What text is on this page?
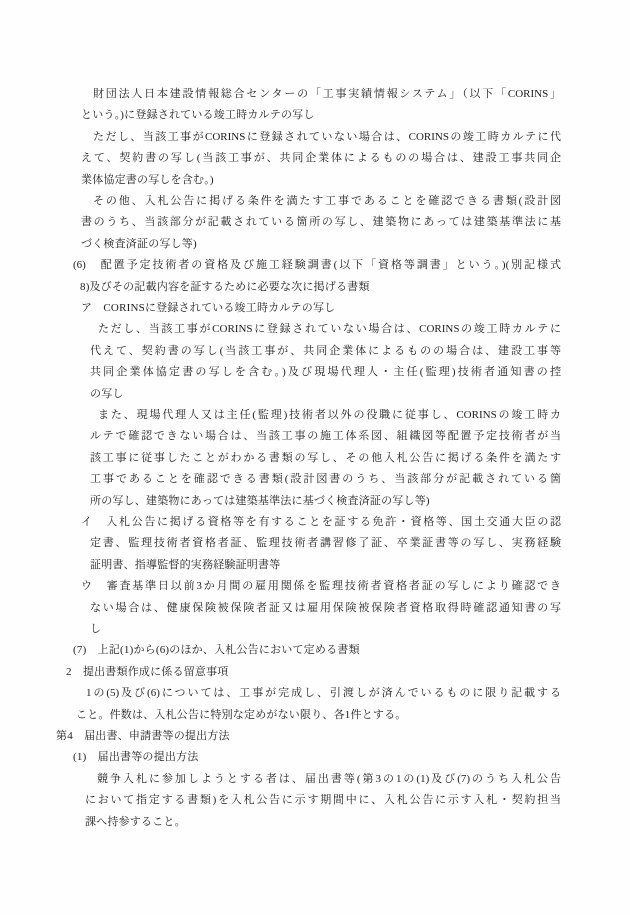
財団法人日本建設情報総合センターの「工事実績情報システム」（以下「CORINS」
という。)に登録されている竣工時カルテの写し
ただし、当該工事がCORINSに登録されていない場合は、CORINSの竣工時カルテに代
えて、契約書の写し(当該工事が、共同企業体によるものの場合は、建設工事共同企
業体協定書の写しを含む。)
その他、入札公告に掲げる条件を満たす工事であることを確認できる書類(設計図
書のうち、当該部分が記載されている箇所の写し、建築物にあっては建築基準法に基
づく検査済証の写し等)
(6)　配置予定技術者の資格及び施工経験調書(以下「資格等調書」という。)(別記様式
8)及びその記載内容を証するために必要な次に掲げる書類
ア　CORINSに登録されている竣工時カルテの写し
ただし、当該工事がCORINSに登録されていない場合は、CORINSの竣工時カルテに
代えて、契約書の写し(当該工事が、共同企業体によるものの場合は、建設工事等
共同企業体協定書の写しを含む。)及び現場代理人・主任(監理)技術者通知書の控
の写し
また、現場代理人又は主任(監理)技術者以外の役職に従事し、CORINSの竣工時カ
ルテで確認できない場合は、当該工事の施工体系図、組織図等配置予定技術者が当
該工事に従事したことがわかる書類の写し、その他入札公告に掲げる条件を満たす
工事であることを確認できる書類(設計図書のうち、当該部分が記載されている箇
所の写し、建築物にあっては建築基準法に基づく検査済証の写し等)
イ　入札公告に掲げる資格等を有することを証する免許・資格等、国土交通大臣の認
定書、監理技術者資格者証、監理技術者講習修了証、卒業証書等の写し、実務経験
証明書、指導監督的実務経験証明書等
ウ　審査基準日以前3か月間の雇用関係を監理技術者資格者証の写しにより確認でき
ない場合は、健康保険被保険者証又は雇用保険被保険者資格取得時確認通知書の写
し
(7)　上記(1)から(6)のほか、入札公告において定める書類
2　提出書類作成に係る留意事項
1の(5)及び(6)については、工事が完成し、引渡しが済んでいるものに限り記載する
こと。件数は、入札公告に特別な定めがない限り、各1件とする。
第4　届出書、申請書等の提出方法
(1)　届出書等の提出方法
競争入札に参加しようとする者は、届出書等(第3の1の(1)及び(7)のうち入札公告
において指定する書類)を入札公告に示す期間中に、入札公告に示す入札・契約担当
課へ持参すること。
